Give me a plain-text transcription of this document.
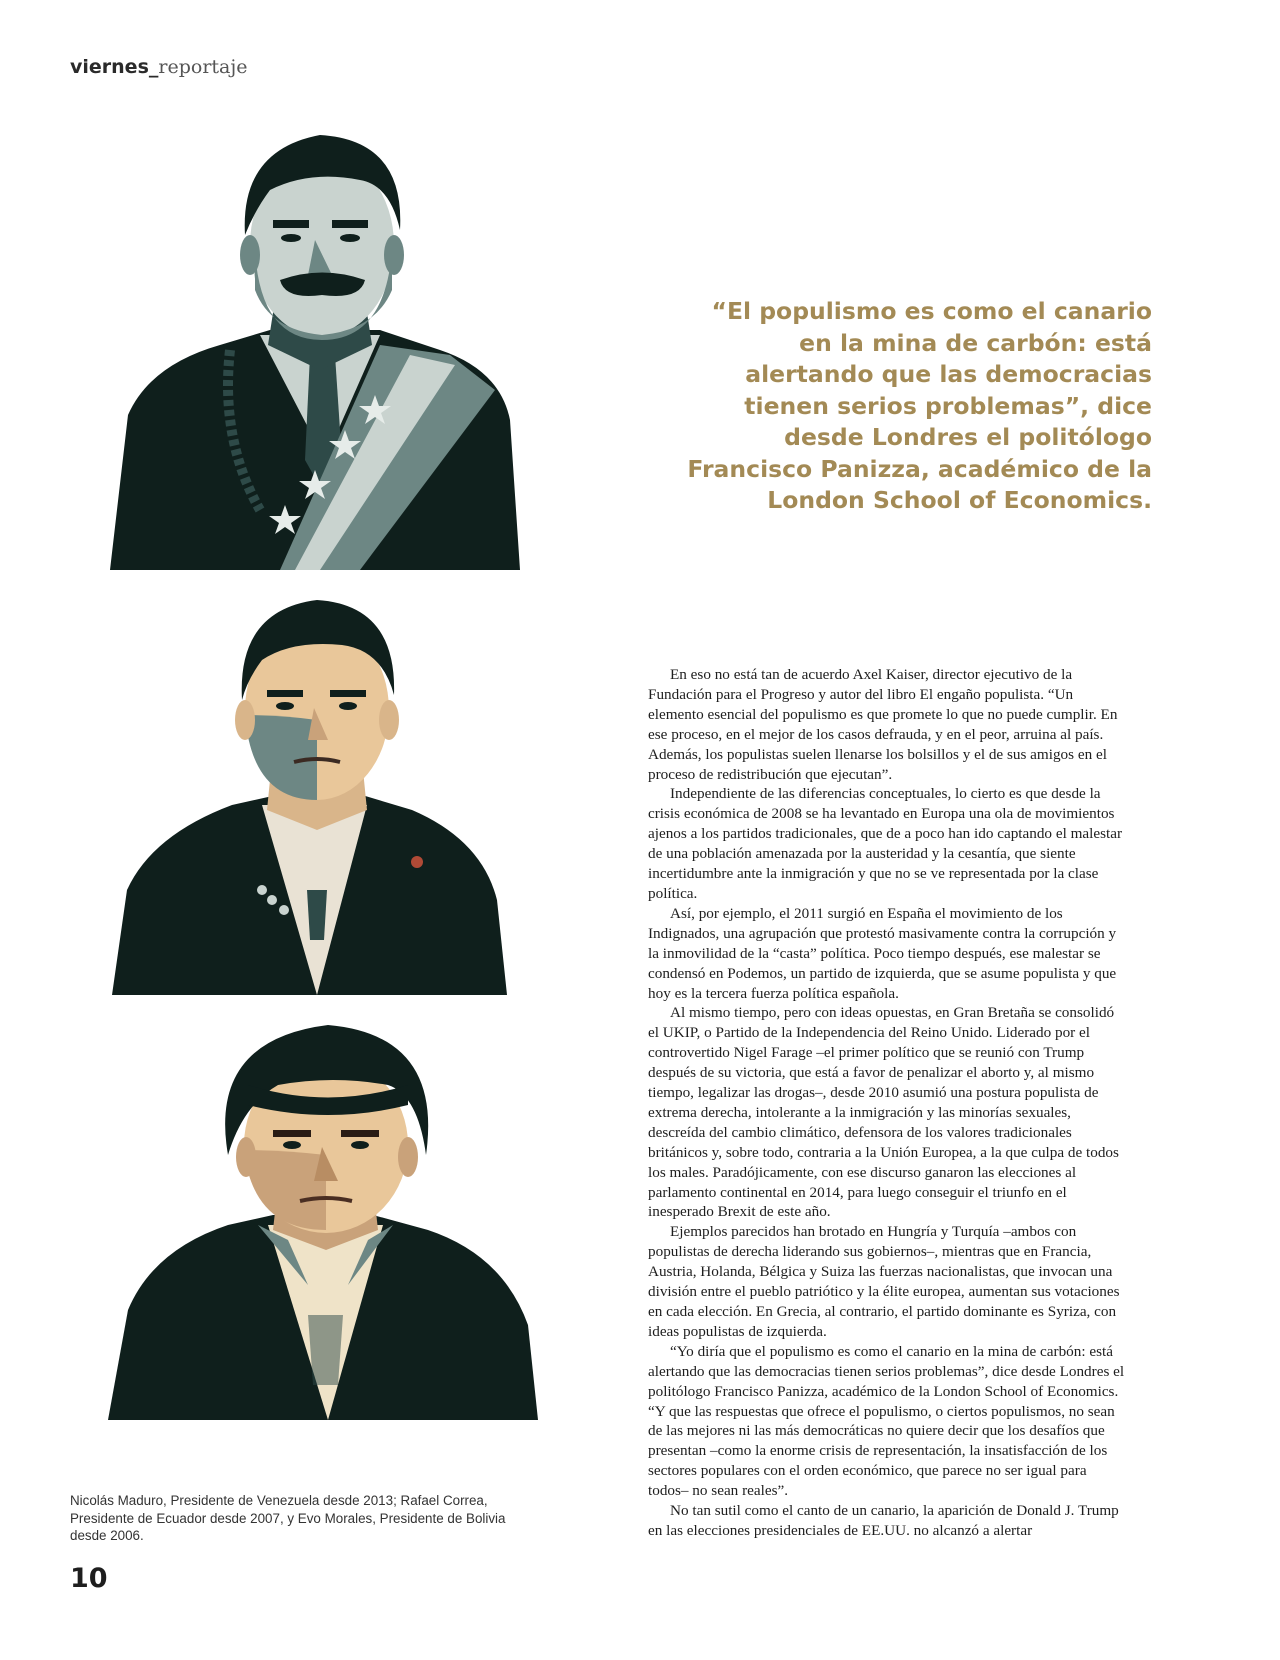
viernes_reportaje
“El populismo es como el canario en la mina de carbón: está alertando que las democracias tienen serios problemas”, dice desde Londres el politólogo Francisco Panizza, académico de la London School of Economics.

En eso no está tan de acuerdo Axel Kaiser, director ejecutivo de la Fundación para el Progreso y autor del libro El engaño populista. “Un elemento esencial del populismo es que promete lo que no puede cumplir. En ese proceso, en el mejor de los casos defrauda, y en el peor, arruina al país. Además, los populistas suelen llenarse los bolsillos y el de sus amigos en el proceso de redistribución que ejecutan”.

Independiente de las diferencias conceptuales, lo cierto es que desde la crisis económica de 2008 se ha levantado en Europa una ola de movimientos ajenos a los partidos tradicionales, que de a poco han ido captando el malestar de una población amenazada por la austeridad y la cesantía, que siente incertidumbre ante la inmigración y que no se ve representada por la clase política.

Así, por ejemplo, el 2011 surgió en España el movimiento de los Indignados, una agrupación que protestó masivamente contra la corrupción y la inmovilidad de la “casta” política. Poco tiempo después, ese malestar se condensó en Podemos, un partido de izquierda, que se asume populista y que hoy es la tercera fuerza política española.

Al mismo tiempo, pero con ideas opuestas, en Gran Bretaña se consolidó el UKIP, o Partido de la Independencia del Reino Unido. Liderado por el controvertido Nigel Farage –el primer político que se reunió con Trump después de su victoria, que está a favor de penalizar el aborto y, al mismo tiempo, legalizar las drogas–, desde 2010 asumió una postura populista de extrema derecha, intolerante a la inmigración y las minorías sexuales, descreída del cambio climático, defensora de los valores tradicionales británicos y, sobre todo, contraria a la Unión Europea, a la que culpa de todos los males. Paradójicamente, con ese discurso ganaron las elecciones al parlamento continental en 2014, para luego conseguir el triunfo en el inesperado Brexit de este año.

Ejemplos parecidos han brotado en Hungría y Turquía –ambos con populistas de derecha liderando sus gobiernos–, mientras que en Francia, Austria, Holanda, Bélgica y Suiza las fuerzas nacionalistas, que invocan una división entre el pueblo patriótico y la élite europea, aumentan sus votaciones en cada elección. En Grecia, al contrario, el partido dominante es Syriza, con ideas populistas de izquierda.

“Yo diría que el populismo es como el canario en la mina de carbón: está alertando que las democracias tienen serios problemas”, dice desde Londres el politólogo Francisco Panizza, académico de la London School of Economics. “Y que las respuestas que ofrece el populismo, o ciertos populismos, no sean de las mejores ni las más democráticas no quiere decir que los desafíos que presentan –como la enorme crisis de representación, la insatisfacción de los sectores populares con el orden económico, que parece no ser igual para todos– no sean reales”.

No tan sutil como el canto de un canario, la aparición de Donald J. Trump en las elecciones presidenciales de EE.UU. no alcanzó a alertar

Nicolás Maduro, Presidente de Venezuela desde 2013; Rafael Correa, Presidente de Ecuador desde 2007, y Evo Morales, Presidente de Bolivia desde 2006.
10
